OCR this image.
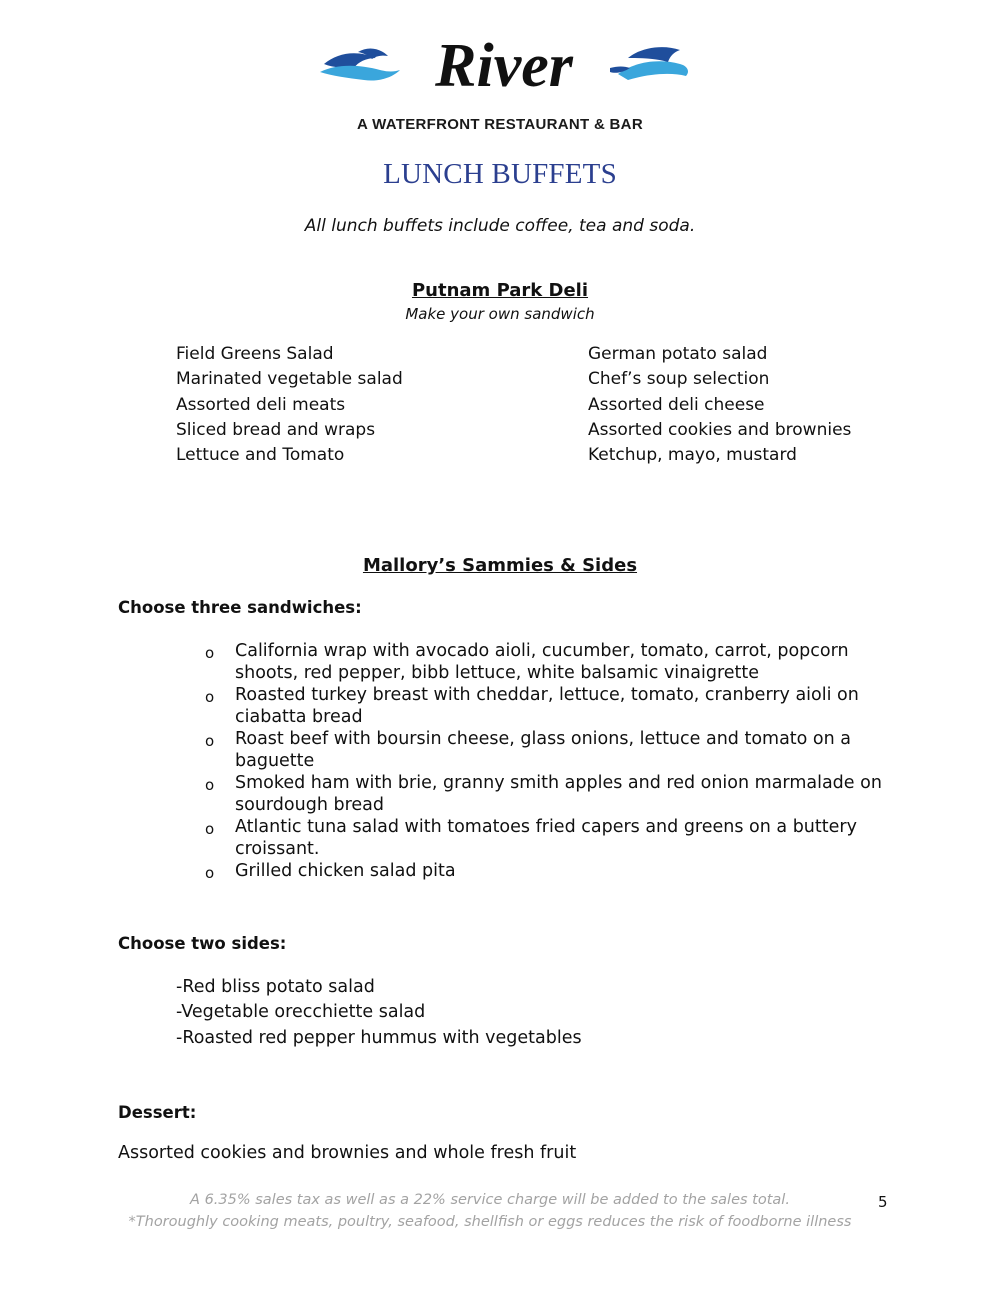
River
A WATERFRONT RESTAURANT & BAR
LUNCH BUFFETS
All lunch buffets include coffee, tea and soda.
Putnam Park Deli
Make your own sandwich
Field Greens Salad
Marinated vegetable salad
Assorted deli meats
Sliced bread and wraps
Lettuce and Tomato
German potato salad
Chef’s soup selection
Assorted deli cheese
Assorted cookies and brownies
Ketchup, mayo, mustard
Mallory’s Sammies & Sides
Choose three sandwiches:
o	California wrap with avocado aioli, cucumber, tomato, carrot, popcorn shoots, red pepper, bibb lettuce, white balsamic vinaigrette
o	Roasted turkey breast with cheddar, lettuce, tomato, cranberry aioli on ciabatta bread
o	Roast beef with boursin cheese, glass onions, lettuce and tomato on a baguette
o	Smoked ham with brie, granny smith apples and red onion marmalade on sourdough bread
o	Atlantic tuna salad with tomatoes fried capers and greens on a buttery croissant.
o	Grilled chicken salad pita
Choose two sides:
-Red bliss potato salad
-Vegetable orecchiette salad
-Roasted red pepper hummus with vegetables
Dessert:
Assorted cookies and brownies and whole fresh fruit
A 6.35% sales tax as well as a 22% service charge will be added to the sales total.
*Thoroughly cooking meats, poultry, seafood, shellfish or eggs reduces the risk of foodborne illness
5
